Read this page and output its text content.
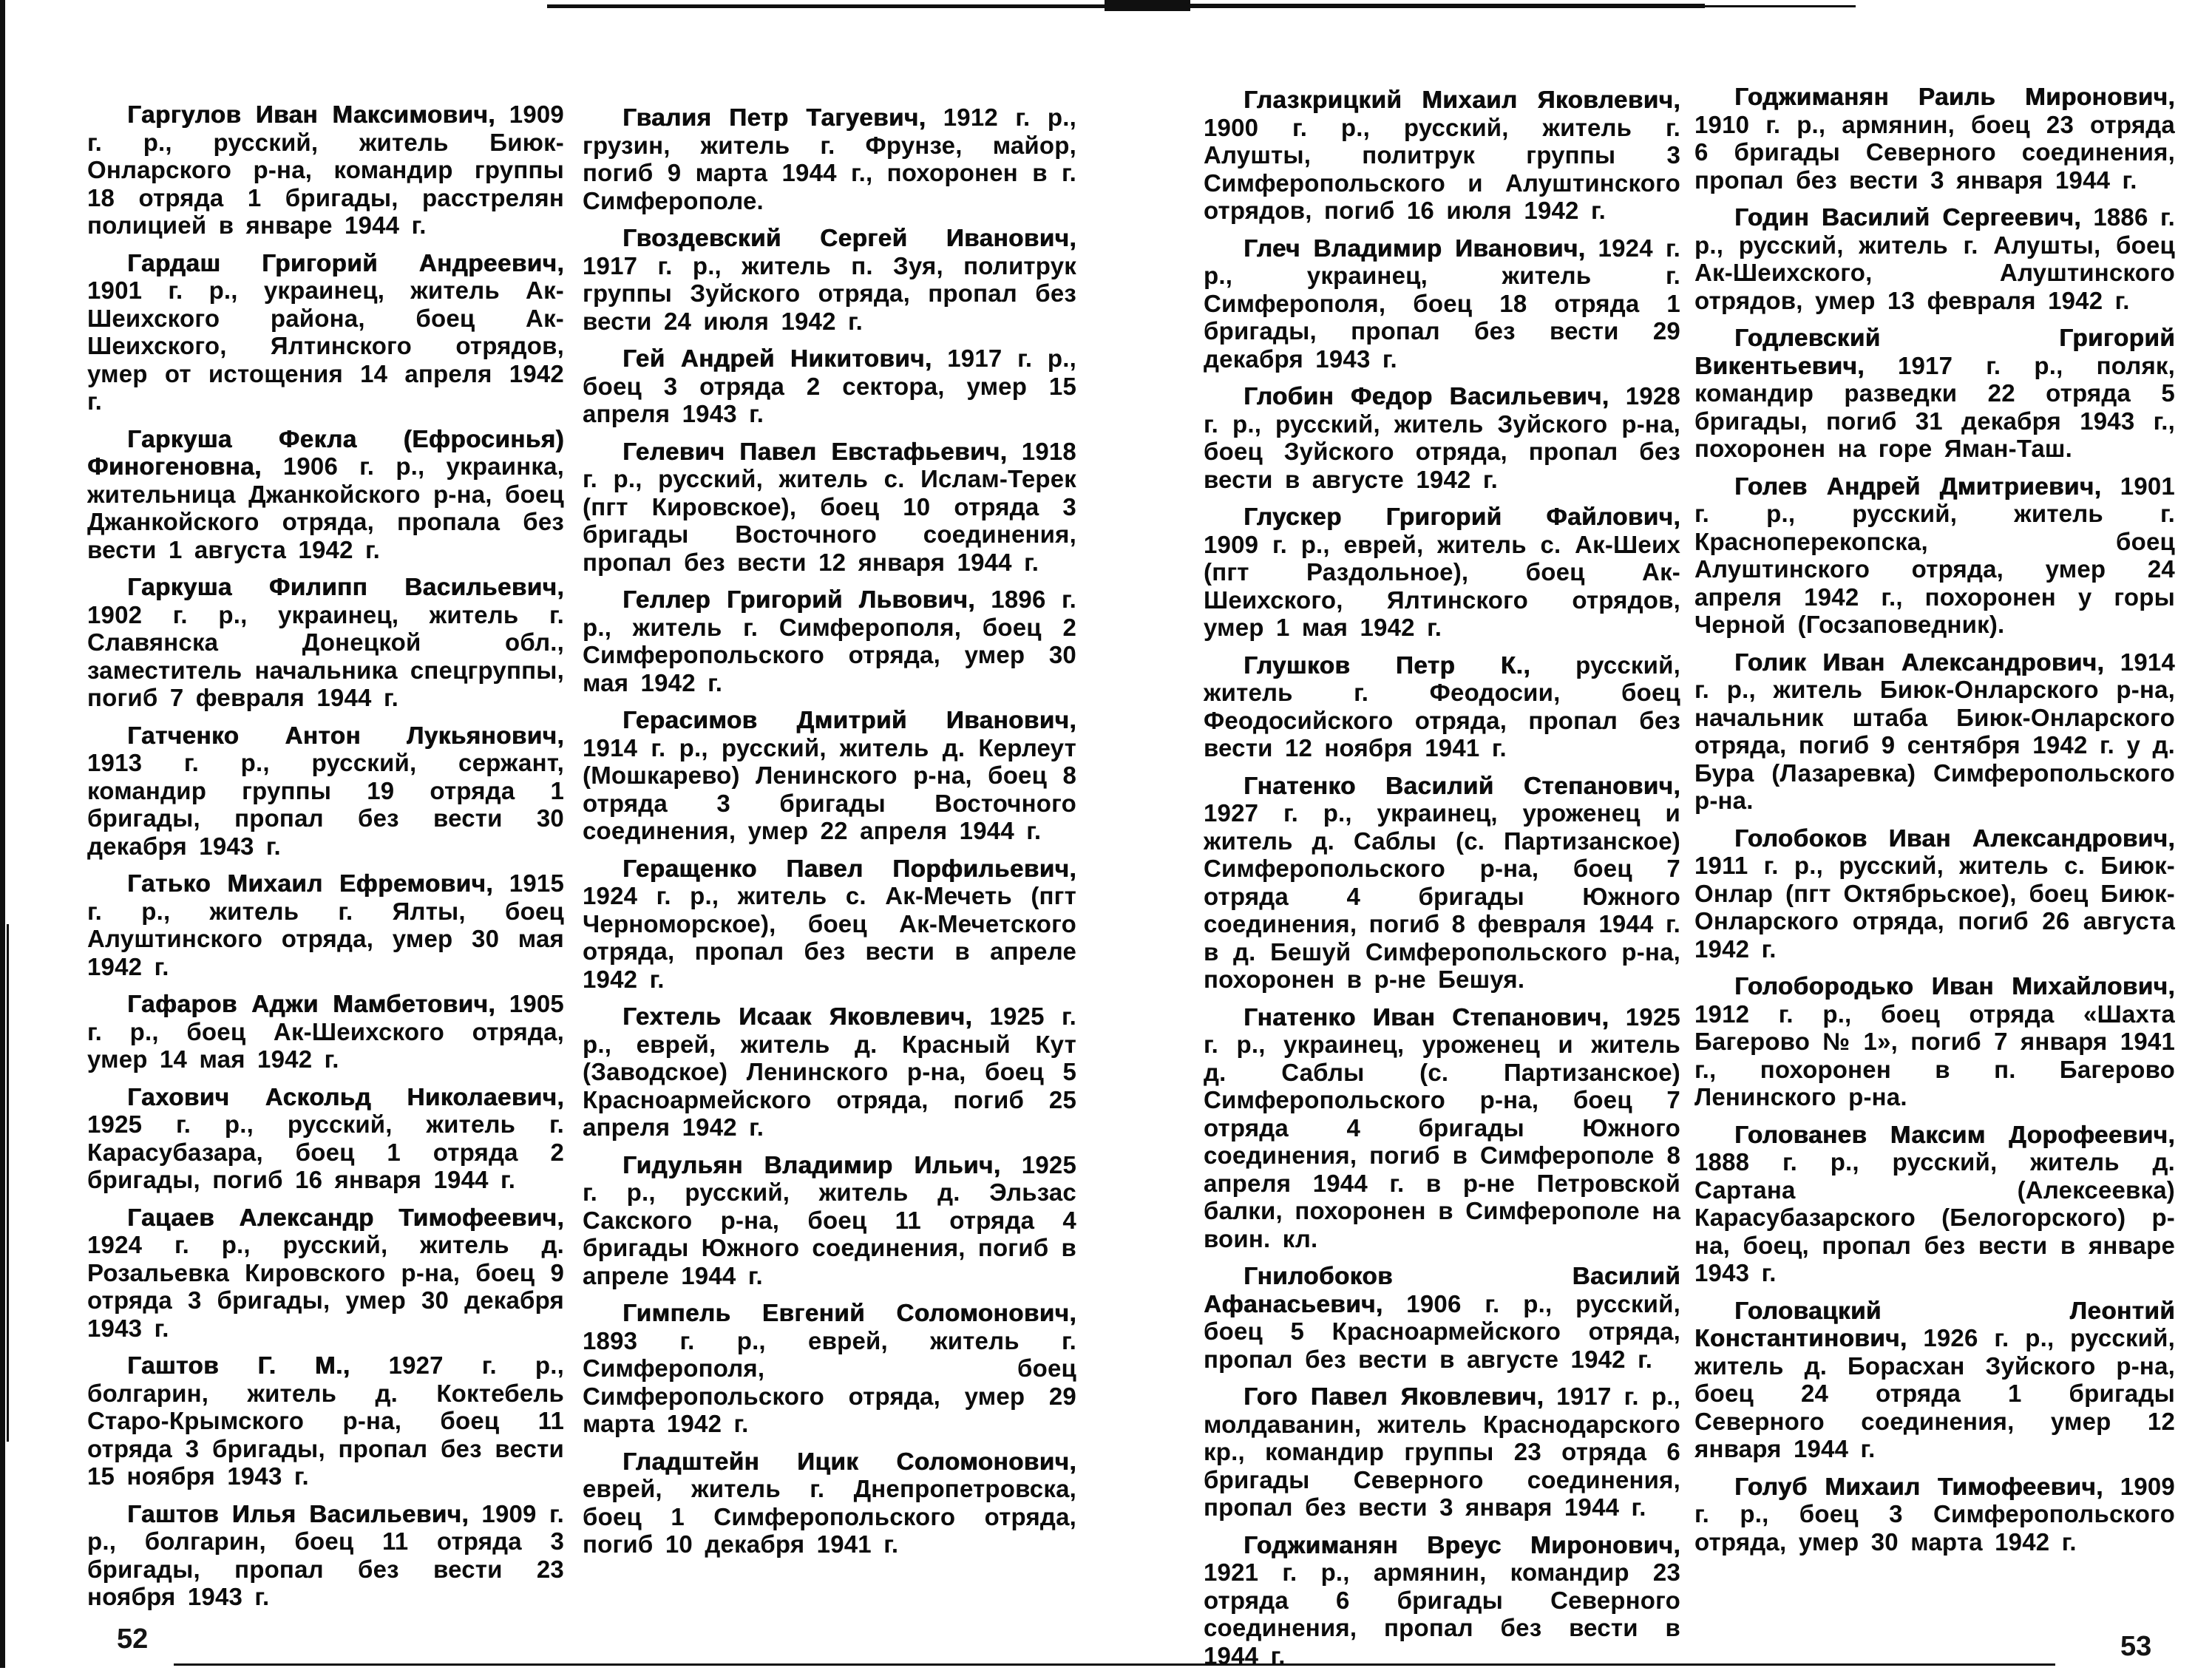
Гаргулов Иван Максимович, 1909 г. р., русский, житель Биюк-Онларского р-на, командир группы 18 отряда 1 бригады, расстрелян полицией в январе 1944 г.

Гардаш Григорий Андреевич, 1901 г. р., украинец, житель Ак-Шеихского района, боец Ак-Шеихского, Ялтинского отрядов, умер от истощения 14 апреля 1942 г.

Гаркуша Фекла (Ефросинья) Финогеновна, 1906 г. р., украинка, жительница Джанкойского р-на, боец Джанкойского отряда, пропала без вести 1 августа 1942 г.

Гаркуша Филипп Васильевич, 1902 г. р., украинец, житель г. Славянска Донецкой обл., заместитель начальника спецгруппы, погиб 7 февраля 1944 г.

Гатченко Антон Лукьянович, 1913 г. р., русский, сержант, командир группы 19 отряда 1 бригады, пропал без вести 30 декабря 1943 г.

Гатько Михаил Ефремович, 1915 г. р., житель г. Ялты, боец Алуштинского отряда, умер 30 мая 1942 г.

Гафаров Аджи Мамбетович, 1905 г. р., боец Ак-Шеихского отряда, умер 14 мая 1942 г.

Гахович Аскольд Николаевич, 1925 г. р., русский, житель г. Карасубазара, боец 1 отряда 2 бригады, погиб 16 января 1944 г.

Гацаев Александр Тимофеевич, 1924 г. р., русский, житель д. Розальевка Кировского р-на, боец 9 отряда 3 бригады, умер 30 декабря 1943 г.

Гаштов Г. М., 1927 г. р., болгарин, житель д. Коктебель Старо-Крымского р-на, боец 11 отряда 3 бригады, пропал без вести 15 ноября 1943 г.

Гаштов Илья Васильевич, 1909 г. р., болгарин, боец 11 отряда 3 бригады, пропал без вести 23 ноября 1943 г.

Гвалия Петр Тагуевич, 1912 г. р., грузин, житель г. Фрунзе, майор, погиб 9 марта 1944 г., похоронен в г. Симферополе.

Гвоздевский Сергей Иванович, 1917 г. р., житель п. Зуя, политрук группы Зуйского отряда, пропал без вести 24 июля 1942 г.

Гей Андрей Никитович, 1917 г. р., боец 3 отряда 2 сектора, умер 15 апреля 1943 г.

Гелевич Павел Евстафьевич, 1918 г. р., русский, житель с. Ислам-Терек (пгт Кировское), боец 10 отряда 3 бригады Восточного соединения, пропал без вести 12 января 1944 г.

Геллер Григорий Львович, 1896 г. р., житель г. Симферополя, боец 2 Симферопольского отряда, умер 30 мая 1942 г.

Герасимов Дмитрий Иванович, 1914 г. р., русский, житель д. Керлеут (Мошкарево) Ленинского р-на, боец 8 отряда 3 бригады Восточного соединения, умер 22 апреля 1944 г.

Геращенко Павел Порфильевич, 1924 г. р., житель с. Ак-Мечеть (пгт Черноморское), боец Ак-Мечетского отряда, пропал без вести в апреле 1942 г.

Гехтель Исаак Яковлевич, 1925 г. р., еврей, житель д. Красный Кут (Заводское) Ленинского р-на, боец 5 Красноармейского отряда, погиб 25 апреля 1942 г.

Гидульян Владимир Ильич, 1925 г. р., русский, житель д. Эльзас Сакского р-на, боец 11 отряда 4 бригады Южного соединения, погиб в апреле 1944 г.

Гимпель Евгений Соломонович, 1893 г. р., еврей, житель г. Симферополя, боец Симферопольского отряда, умер 29 марта 1942 г.

Гладштейн Ицик Соломонович, еврей, житель г. Днепропетровска, боец 1 Симферопольского отряда, погиб 10 декабря 1941 г.

52

Глазкрицкий Михаил Яковлевич, 1900 г. р., русский, житель г. Алушты, политрук группы 3 Симферопольского и Алуштинского отрядов, погиб 16 июля 1942 г.

Глеч Владимир Иванович, 1924 г. р., украинец, житель г. Симферополя, боец 18 отряда 1 бригады, пропал без вести 29 декабря 1943 г.

Глобин Федор Васильевич, 1928 г. р., русский, житель Зуйского р-на, боец Зуйского отряда, пропал без вести в августе 1942 г.

Глускер Григорий Файлович, 1909 г. р., еврей, житель с. Ак-Шеих (пгт Раздольное), боец Ак-Шеихского, Ялтинского отрядов, умер 1 мая 1942 г.

Глушков Петр К., русский, житель г. Феодосии, боец Феодосийского отряда, пропал без вести 12 ноября 1941 г.

Гнатенко Василий Степанович, 1927 г. р., украинец, уроженец и житель д. Саблы (с. Партизанское) Симферопольского р-на, боец 7 отряда 4 бригады Южного соединения, погиб 8 февраля 1944 г. в д. Бешуй Симферопольского р-на, похоронен в р-не Бешуя.

Гнатенко Иван Степанович, 1925 г. р., украинец, уроженец и житель д. Саблы (с. Партизанское) Симферопольского р-на, боец 7 отряда 4 бригады Южного соединения, погиб в Симферополе 8 апреля 1944 г. в р-не Петровской балки, похоронен в Симферополе на воин. кл.

Гнилобоков Василий Афанасьевич, 1906 г. р., русский, боец 5 Красноармейского отряда, пропал без вести в августе 1942 г.

Гого Павел Яковлевич, 1917 г. р., молдаванин, житель Краснодарского кр., командир группы 23 отряда 6 бригады Северного соединения, пропал без вести 3 января 1944 г.

Годжиманян Вреус Миронович, 1921 г. р., армянин, командир 23 отряда 6 бригады Северного соединения, пропал без вести в 1944 г.

Годжиманян Раиль Миронович, 1910 г. р., армянин, боец 23 отряда 6 бригады Северного соединения, пропал без вести 3 января 1944 г.

Годин Василий Сергеевич, 1886 г. р., русский, житель г. Алушты, боец Ак-Шеихского, Алуштинского отрядов, умер 13 февраля 1942 г.

Годлевский Григорий Викентьевич, 1917 г. р., поляк, командир разведки 22 отряда 5 бригады, погиб 31 декабря 1943 г., похоронен на горе Яман-Таш.

Голев Андрей Дмитриевич, 1901 г. р., русский, житель г. Красноперекопска, боец Алуштинского отряда, умер 24 апреля 1942 г., похоронен у горы Черной (Госзаповедник).

Голик Иван Александрович, 1914 г. р., житель Биюк-Онларского р-на, начальник штаба Биюк-Онларского отряда, погиб 9 сентября 1942 г. у д. Бура (Лазаревка) Симферопольского р-на.

Голобоков Иван Александрович, 1911 г. р., русский, житель с. Биюк-Онлар (пгт Октябрьское), боец Биюк-Онларского отряда, погиб 26 августа 1942 г.

Голобородько Иван Михайлович, 1912 г. р., боец отряда «Шахта Багерово № 1», погиб 7 января 1941 г., похоронен в п. Багерово Ленинского р-на.

Голованев Максим Дорофеевич, 1888 г. р., русский, житель д. Сартана (Алексеевка) Карасубазарского (Белогорского) р-на, боец, пропал без вести в январе 1943 г.

Головацкий Леонтий Константинович, 1926 г. р., русский, житель д. Борасхан Зуйского р-на, боец 24 отряда 1 бригады Северного соединения, умер 12 января 1944 г.

Голуб Михаил Тимофеевич, 1909 г. р., боец 3 Симферопольского отряда, умер 30 марта 1942 г.

53
